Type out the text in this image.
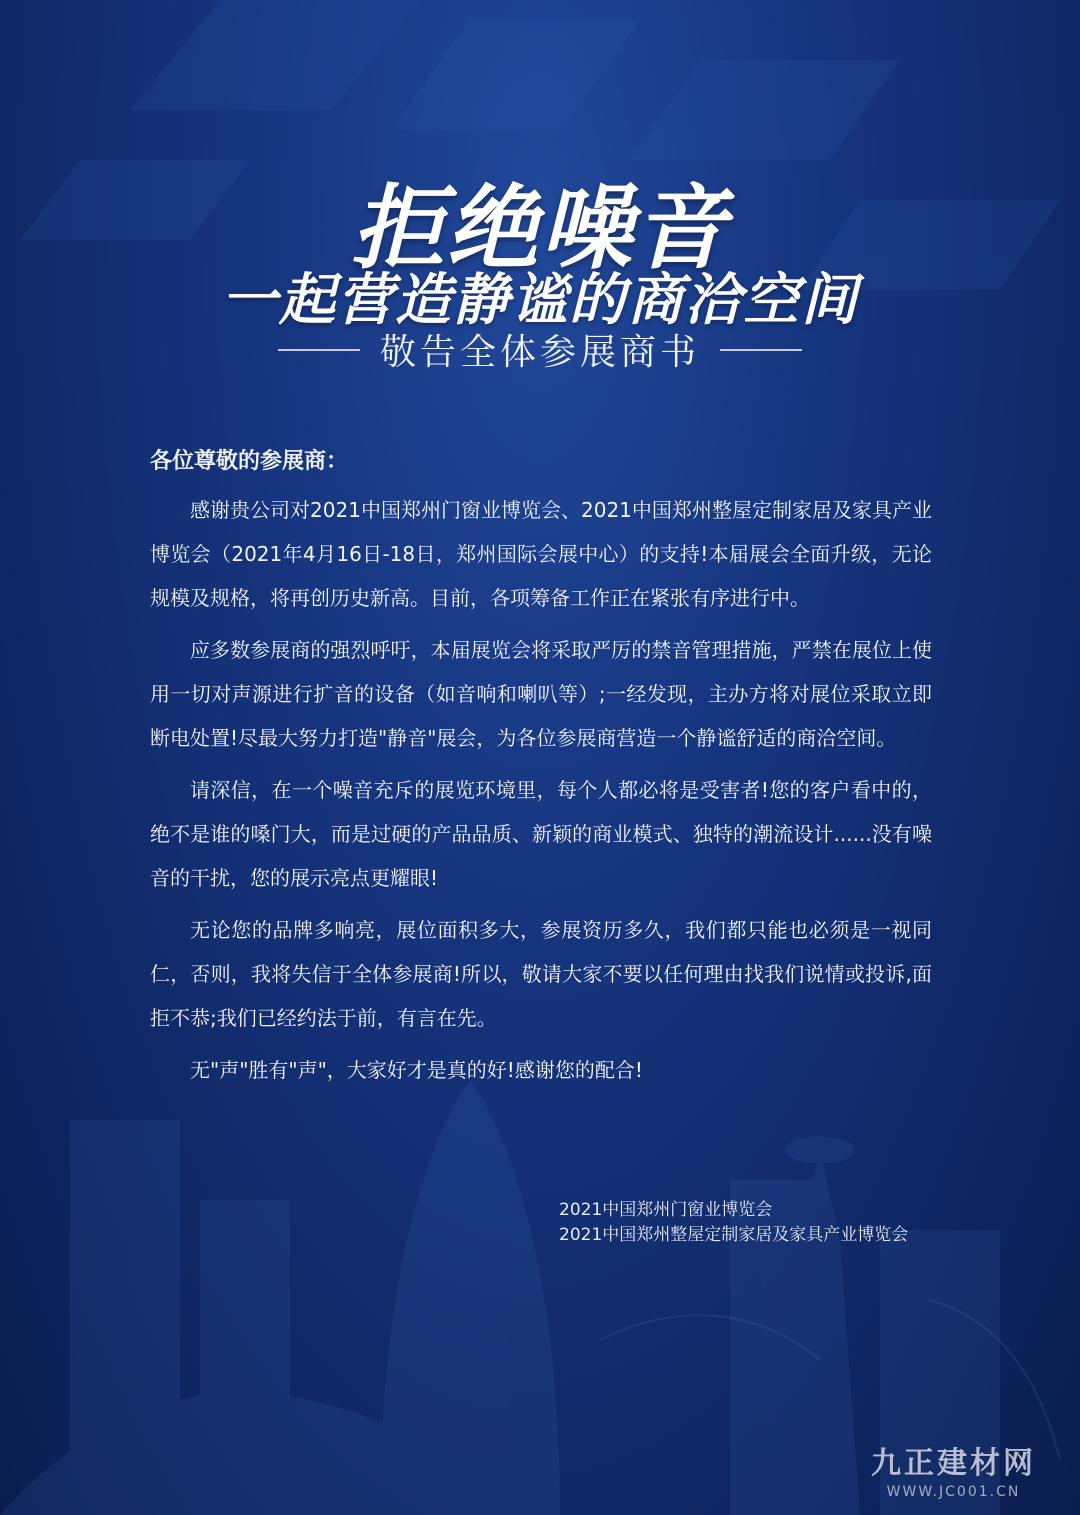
拒绝噪音
一起营造静谧的商洽空间
敬告全体参展商书
各位尊敬的参展商：

感谢贵公司对2021中国郑州门窗业博览会、2021中国郑州整屋定制家居及家具产业博览会（2021年4月16日-18日，郑州国际会展中心）的支持!本届展会全面升级，无论规模及规格，将再创历史新高。目前，各项筹备工作正在紧张有序进行中。

应多数参展商的强烈呼吁，本届展览会将采取严厉的禁音管理措施，严禁在展位上使用一切对声源进行扩音的设备（如音响和喇叭等）;一经发现，主办方将对展位采取立即断电处置!尽最大努力打造"静音"展会，为各位参展商营造一个静谧舒适的商洽空间。

请深信，在一个噪音充斥的展览环境里，每个人都必将是受害者!您的客户看中的，绝不是谁的嗓门大，而是过硬的产品品质、新颖的商业模式、独特的潮流设计......没有噪音的干扰，您的展示亮点更耀眼!

无论您的品牌多响亮，展位面积多大，参展资历多久，我们都只能也必须是一视同仁，否则，我将失信于全体参展商!所以，敬请大家不要以任何理由找我们说情或投诉,面拒不恭;我们已经约法于前，有言在先。

无"声"胜有"声"，大家好才是真的好!感谢您的配合!

2021中国郑州门窗业博览会
2021中国郑州整屋定制家居及家具产业博览会
九正建材网
WWW.JC001.CN
